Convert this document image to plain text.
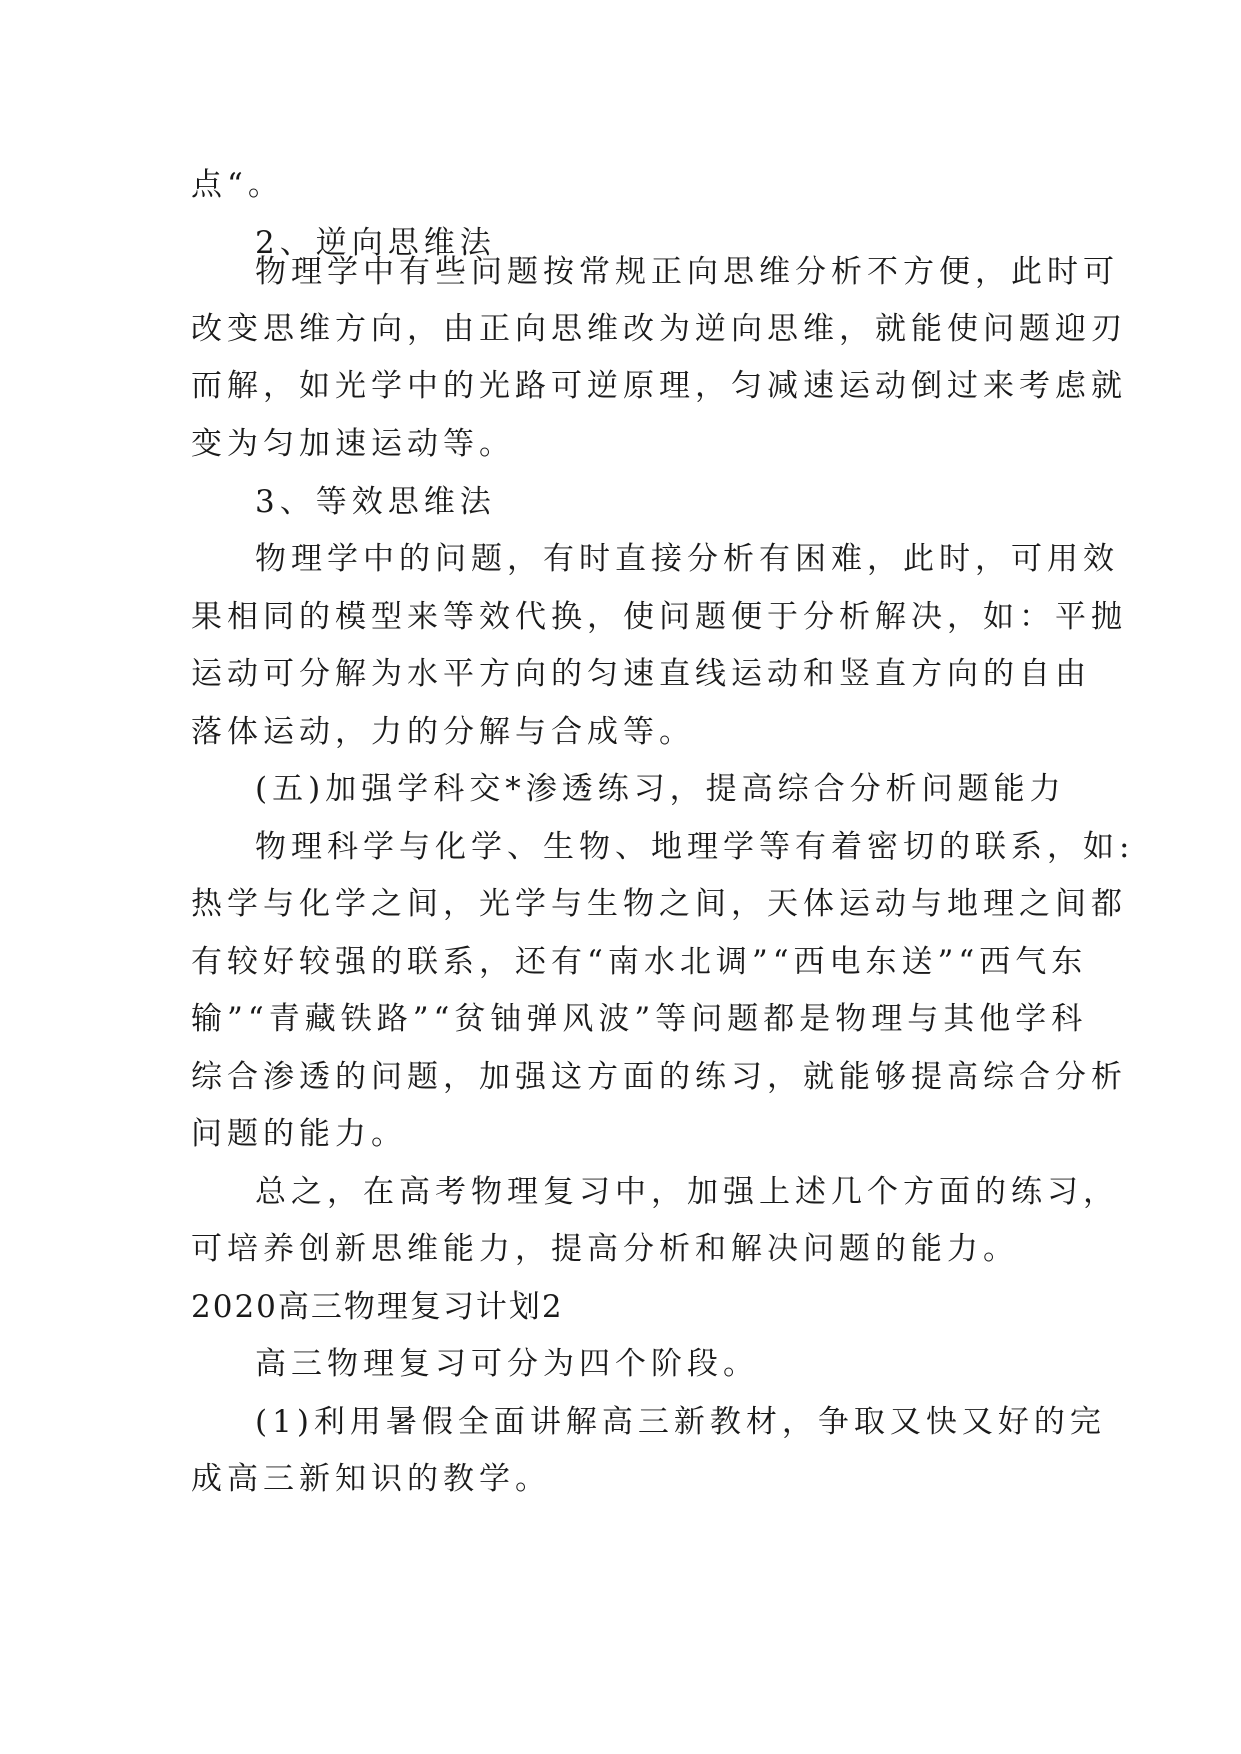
点“。
2、逆向思维法
物理学中有些问题按常规正向思维分析不方便，此时可
改变思维方向，由正向思维改为逆向思维，就能使问题迎刃
而解，如光学中的光路可逆原理，匀减速运动倒过来考虑就
变为匀加速运动等。
3、等效思维法
物理学中的问题，有时直接分析有困难，此时，可用效
果相同的模型来等效代换，使问题便于分析解决，如：平抛
运动可分解为水平方向的匀速直线运动和竖直方向的自由
落体运动，力的分解与合成等。
(五)加强学科交*渗透练习，提高综合分析问题能力
物理科学与化学、生物、地理学等有着密切的联系，如:
热学与化学之间，光学与生物之间，天体运动与地理之间都
有较好较强的联系，还有“南水北调”“西电东送”“西气东
输”“青藏铁路”“贫铀弹风波”等问题都是物理与其他学科
综合渗透的问题，加强这方面的练习，就能够提高综合分析
问题的能力。
总之，在高考物理复习中，加强上述几个方面的练习，
可培养创新思维能力，提高分析和解决问题的能力。
2020高三物理复习计划2
高三物理复习可分为四个阶段。
(1)利用暑假全面讲解高三新教材，争取又快又好的完
成高三新知识的教学。
